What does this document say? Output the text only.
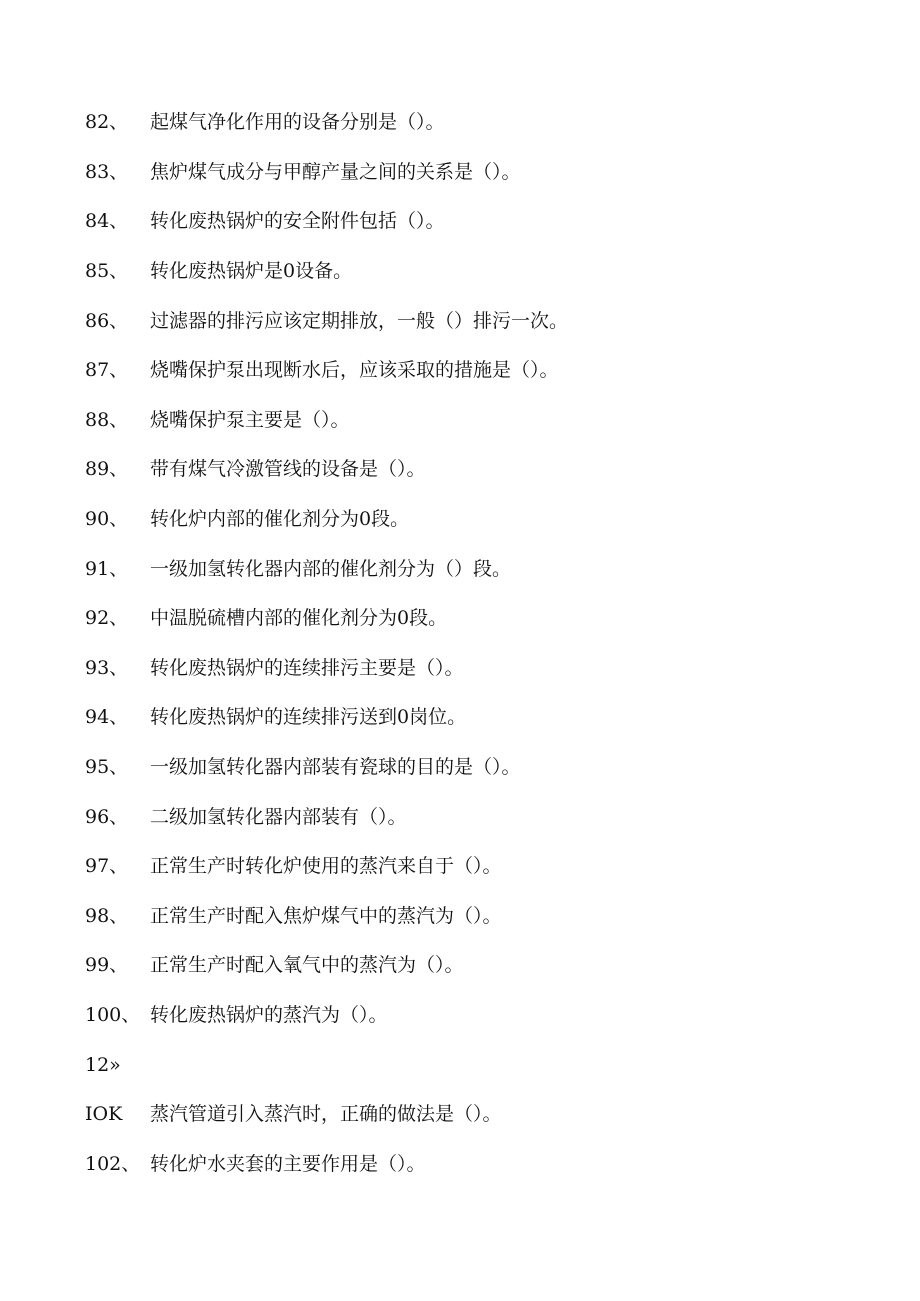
82、	起煤气净化作用的设备分别是（）。
83、	焦炉煤气成分与甲醇产量之间的关系是（）。
84、	转化废热锅炉的安全附件包括（）。
85、	转化废热锅炉是0设备。
86、	过滤器的排污应该定期排放，一般（）排污一次。
87、	烧嘴保护泵出现断水后，应该采取的措施是（）。
88、	烧嘴保护泵主要是（）。
89、	带有煤气冷激管线的设备是（）。
90、	转化炉内部的催化剂分为0段。
91、	一级加氢转化器内部的催化剂分为（）段。
92、	中温脱硫槽内部的催化剂分为0段。
93、	转化废热锅炉的连续排污主要是（）。
94、	转化废热锅炉的连续排污送到0岗位。
95、	一级加氢转化器内部装有瓷球的目的是（）。
96、	二级加氢转化器内部装有（）。
97、	正常生产时转化炉使用的蒸汽来自于（）。
98、	正常生产时配入焦炉煤气中的蒸汽为（）。
99、	正常生产时配入氧气中的蒸汽为（）。
100、 转化废热锅炉的蒸汽为（）。
12»
IOK	蒸汽管道引入蒸汽时，正确的做法是（）。
102、 转化炉水夹套的主要作用是（）。
